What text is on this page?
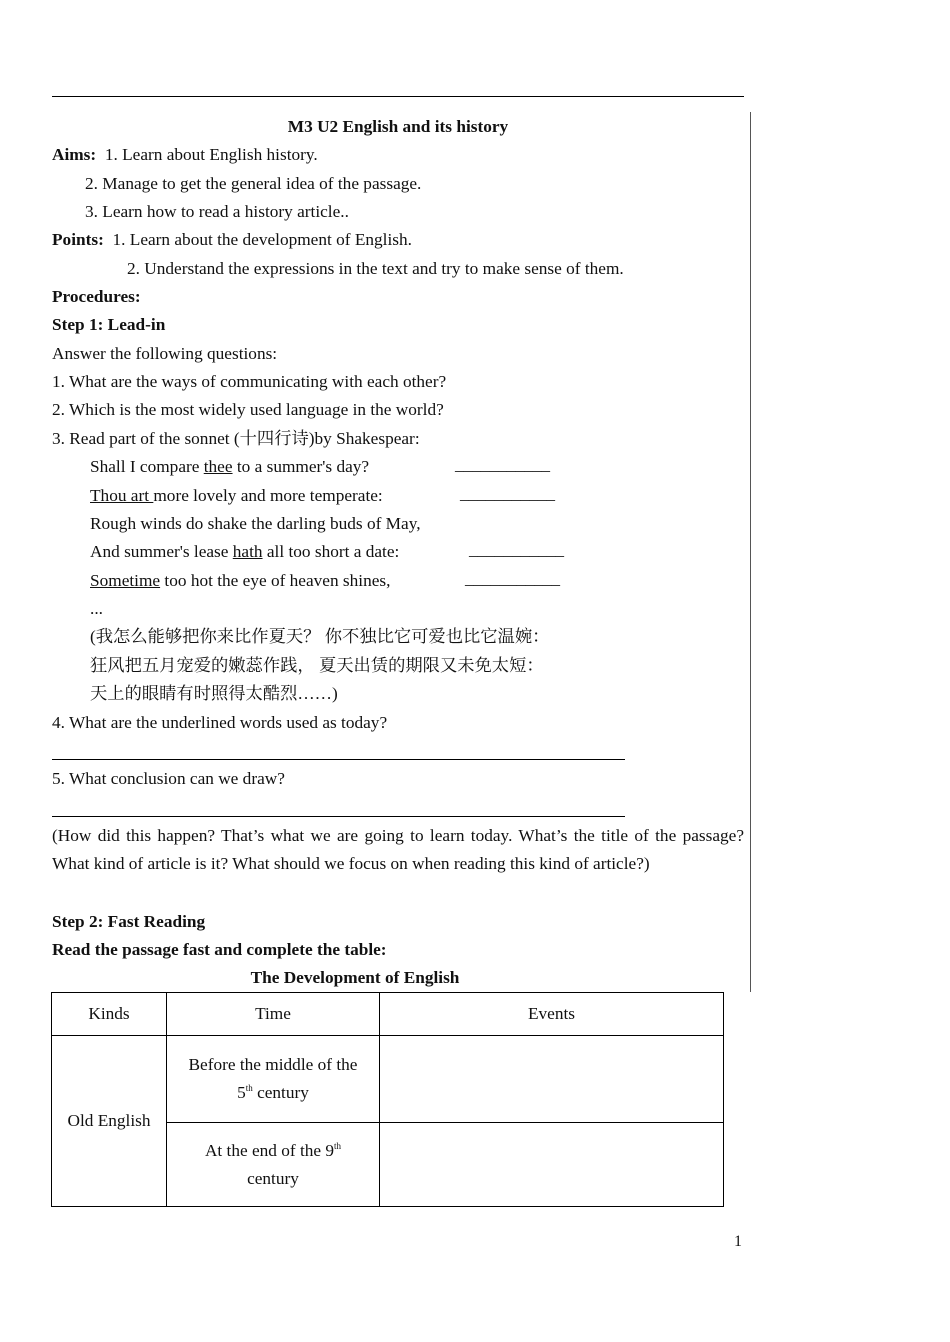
M3 U2 English and its history
Aims: 1. Learn about English history.
2. Manage to get the general idea of the passage.
3. Learn how to read a history article..
Points: 1. Learn about the development of English.
2. Understand the expressions in the text and try to make sense of them.
Procedures:
Step 1: Lead-in
Answer the following questions:
1. What are the ways of communicating with each other?
2. Which is the most widely used language in the world?
3. Read part of the sonnet (十四行诗)by Shakespear:
Shall I compare thee to a summer's day?	___________
Thou art more lovely and more temperate:	___________
Rough winds do shake the darling buds of May,
And summer's lease hath all too short a date:	___________
Sometime too hot the eye of heaven shines,	___________
...
(我怎么能够把你来比作夏天？ 你不独比它可爱也比它温婉：
狂风把五月宠爱的嫩蕊作践， 夏天出赁的期限又未免太短：
天上的眼睛有时照得太酷烈……)
4. What are the underlined words used as today?
5. What conclusion can we draw?
(How did this happen? That’s what we are going to learn today. What’s the title of the passage? What kind of article is it? What should we focus on when reading this kind of article?)
Step 2: Fast Reading
Read the passage fast and complete the table:
The Development of English
Kinds	Time	Events
Old English	Before the middle of the
5th century	
	At the end of the 9th
century	
1
